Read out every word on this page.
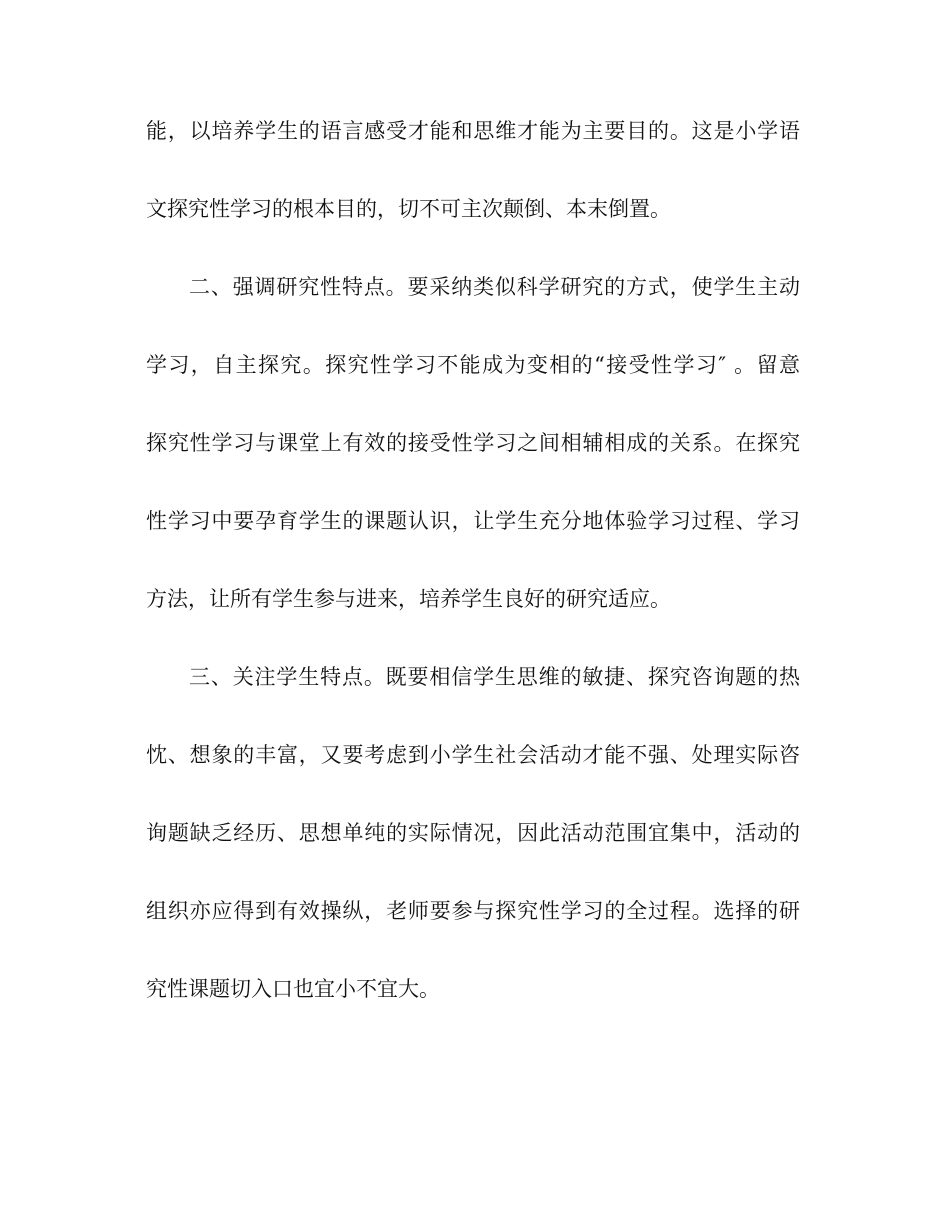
能，以培养学生的语言感受才能和思维才能为主要目的。这是小学语
文探究性学习的根本目的，切不可主次颠倒、本末倒置。
二、强调研究性特点。要采纳类似科学研究的方式，使学生主动
学习，自主探究。探究性学习不能成为变相的“接受性学习″ 。留意
探究性学习与课堂上有效的接受性学习之间相辅相成的关系。在探究
性学习中要孕育学生的课题认识，让学生充分地体验学习过程、学习
方法，让所有学生参与进来，培养学生良好的研究适应。
三、关注学生特点。既要相信学生思维的敏捷、探究咨询题的热
忱、想象的丰富，又要考虑到小学生社会活动才能不强、处理实际咨
询题缺乏经历、思想单纯的实际情况，因此活动范围宜集中，活动的
组织亦应得到有效操纵，老师要参与探究性学习的全过程。选择的研
究性课题切入口也宜小不宜大。
